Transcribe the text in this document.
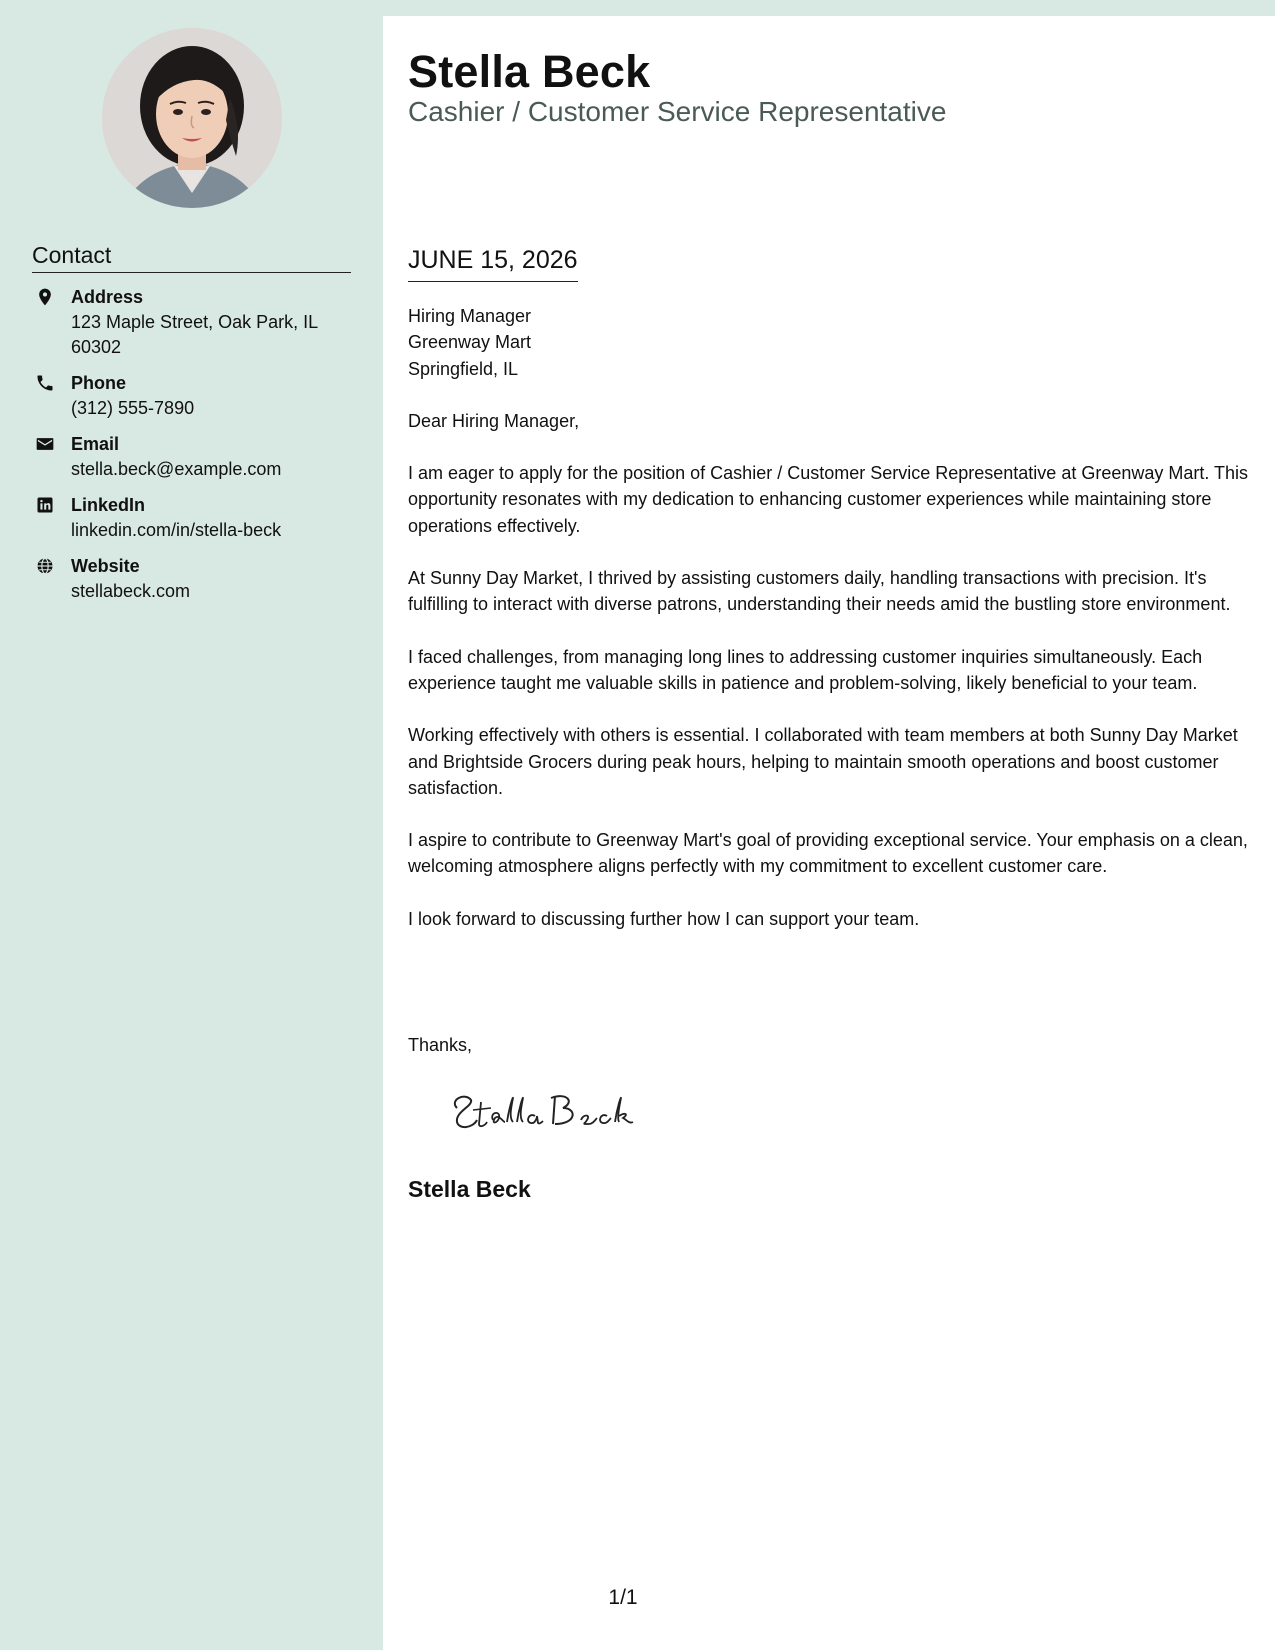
Contact
Address
123 Maple Street, Oak Park, IL 60302
Phone
(312) 555-7890
Email
stella.beck@example.com
LinkedIn
linkedin.com/in/stella-beck
Website
stellabeck.com
Stella Beck
Cashier / Customer Service Representative
JUNE 15, 2026

Hiring Manager
Greenway Mart
Springfield, IL

Dear Hiring Manager,

I am eager to apply for the position of Cashier / Customer Service Representative at Greenway Mart. This opportunity resonates with my dedication to enhancing customer experiences while maintaining store operations effectively.

At Sunny Day Market, I thrived by assisting customers daily, handling transactions with precision. It's fulfilling to interact with diverse patrons, understanding their needs amid the bustling store environment.

I faced challenges, from managing long lines to addressing customer inquiries simultaneously. Each experience taught me valuable skills in patience and problem-solving, likely beneficial to your team.

Working effectively with others is essential. I collaborated with team members at both Sunny Day Market and Brightside Grocers during peak hours, helping to maintain smooth operations and boost customer satisfaction.

I aspire to contribute to Greenway Mart's goal of providing exceptional service. Your emphasis on a clean, welcoming atmosphere aligns perfectly with my commitment to excellent customer care.

I look forward to discussing further how I can support your team.

Thanks,
Stella Beck
1/1
